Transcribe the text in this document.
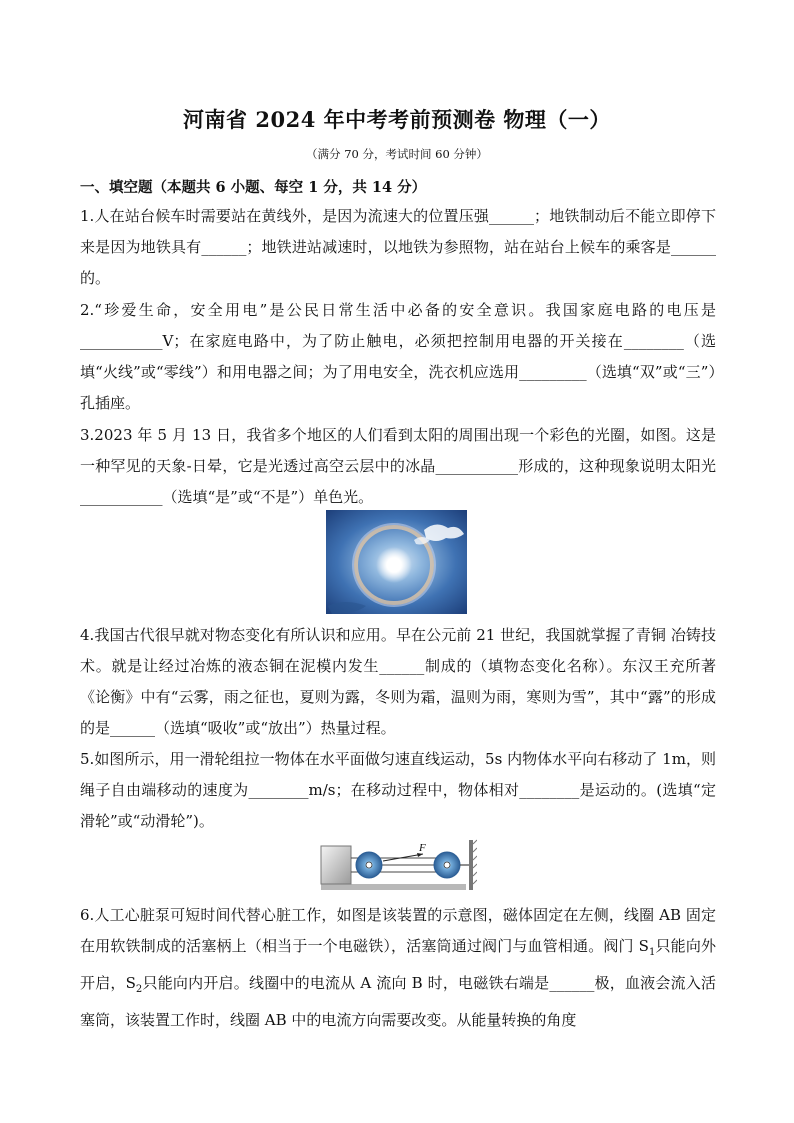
河南省 2024 年中考考前预测卷 物理（一）
（满分 70 分，考试时间 60 分钟）
一、填空题（本题共 6 小题、每空 1 分，共 14 分）
1.人在站台候车时需要站在黄线外，是因为流速大的位置压强______；地铁制动后不能立即停下来是因为地铁具有______；地铁进站减速时，以地铁为参照物，站在站台上候车的乘客是______的。
2.“珍爱生命，安全用电”是公民日常生活中必备的安全意识。我国家庭电路的电压是___________V；在家庭电路中，为了防止触电，必须把控制用电器的开关接在________（选填“火线”或“零线”）和用电器之间；为了用电安全，洗衣机应选用_________（选填“双”或“三”）孔插座。
3.2023 年 5 月 13 日，我省多个地区的人们看到太阳的周围出现一个彩色的光圈，如图。这是一种罕见的天象-日晕，它是光透过高空云层中的冰晶___________形成的，这种现象说明太阳光___________（选填“是”或“不是”）单色光。
4.我国古代很早就对物态变化有所认识和应用。早在公元前 21 世纪，我国就掌握了青铜 冶铸技术。就是让经过冶炼的液态铜在泥模内发生______制成的（填物态变化名称）。东汉王充所著《论衡》中有“云雾，雨之征也，夏则为露，冬则为霜，温则为雨，寒则为雪”，其中“露”的形成的是______（选填“吸收”或“放出”）热量过程。
5.如图所示，用一滑轮组拉一物体在水平面做匀速直线运动，5s 内物体水平向右移动了 1m，则绳子自由端移动的速度为________m/s；在移动过程中，物体相对________是运动的。(选填“定滑轮”或“动滑轮”)。
F
6.人工心脏泵可短时间代替心脏工作，如图是该装置的示意图，磁体固定在左侧，线圈 AB 固定在用软铁制成的活塞柄上（相当于一个电磁铁），活塞筒通过阀门与血管相通。阀门 $S_1$只能向外开启，$S_2$只能向内开启。线圈中的电流从 A 流向 B 时，电磁铁右端是______极，血液会流入活塞筒，该装置工作时，线圈 AB 中的电流方向需要改变。从能量转换的角度
